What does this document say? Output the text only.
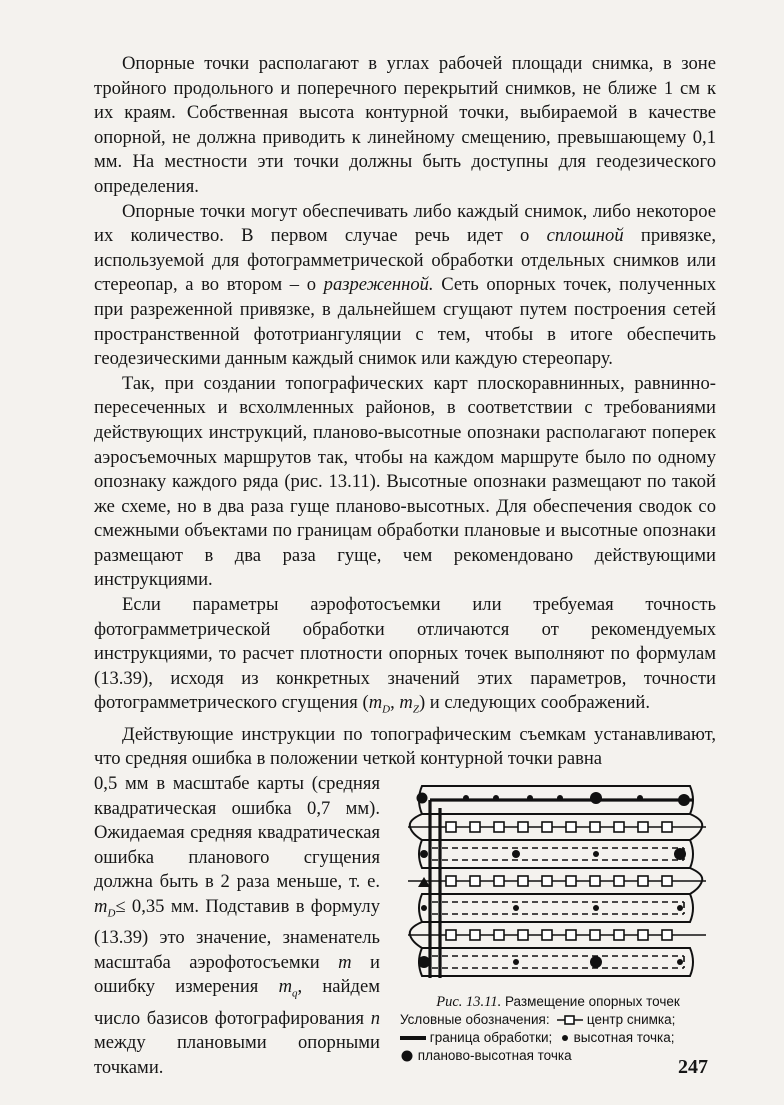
Опорные точки располагают в углах рабочей площади снимка, в зоне тройного продольного и поперечного перекрытий снимков, не ближе 1 см к их краям. Собственная высота контурной точки, выбираемой в качестве опорной, не должна приводить к линейному смещению, превышающему 0,1 мм. На местности эти точки должны быть доступны для геодезического определения.

Опорные точки могут обеспечивать либо каждый снимок, либо некоторое их количество. В первом случае речь идет о сплошной привязке, используемой для фотограмметрической обработки отдельных снимков или стереопар, а во втором – о разреженной. Сеть опорных точек, полученных при разреженной привязке, в дальнейшем сгущают путем построения сетей пространственной фототриангуляции с тем, чтобы в итоге обеспечить геодезическими данным каждый снимок или каждую стереопару.

Так, при создании топографических карт плоскоравнинных, равнинно-пересеченных и всхолмленных районов, в соответствии с требованиями действующих инструкций, планово-высотные опознаки располагают поперек аэросъемочных маршрутов так, чтобы на каждом маршруте было по одному опознаку каждого ряда (рис. 13.11). Высотные опознаки размещают по такой же схеме, но в два раза гуще планово-высотных. Для обеспечения сводок со смежными объектами по границам обработки плановые и высотные опознаки размещают в два раза гуще, чем рекомендовано действующими инструкциями.

Если параметры аэрофотосъемки или требуемая точность фотограмметрической обработки отличаются от рекомендуемых инструкциями, то расчет плотности опорных точек выполняют по формулам (13.39), исходя из конкретных значений этих параметров, точности фотограмметрического сгущения ($m_D$, $m_Z$) и следующих соображений.

Действующие инструкции по топографическим съемкам устанавливают, что средняя ошибка в положении четкой контурной точки равна

0,5 мм в масштабе карты (средняя квадратическая ошибка 0,7 мм). Ожидаемая средняя квадратическая ошибка планового сгущения должна быть в 2 раза меньше, т. е. $m_D\le 0,35$ мм. Подставив в формулу (13.39) это значение, знаменатель масштаба аэрофотосъемки m и ошибку измерения $m_q$, найдем число базисов фотографирования n между плановыми опорными точками.
Рис. 13.11. Размещение опорных точек
Условные обозначения:	центр снимка;
граница обработки; высотная точка;
планово-высотная точка
247
